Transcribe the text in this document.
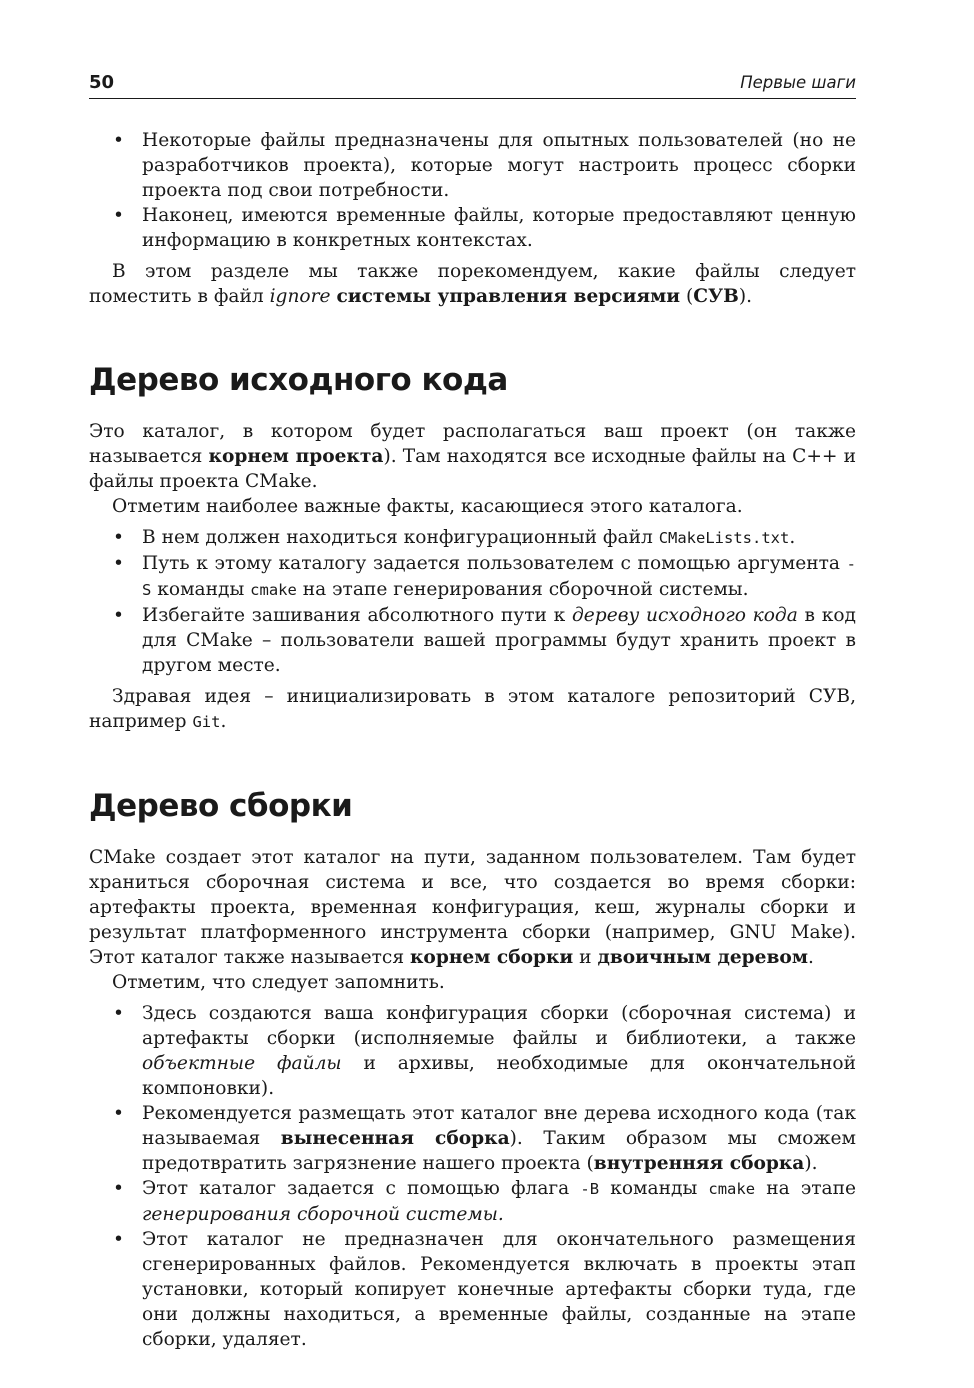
50	Первые шаги
• Некоторые файлы предназначены для опытных пользователей (но не разработчиков проекта), которые могут настроить процесс сборки проекта под свои потребности.
• Наконец, имеются временные файлы, которые предоставляют ценную информацию в конкретных контекстах.

В этом разделе мы также порекомендуем, какие файлы следует поместить в файл ignore системы управления версиями (СУВ).

Дерево исходного кода

Это каталог, в котором будет располагаться ваш проект (он также называется корнем проекта). Там находятся все исходные файлы на C++ и файлы проекта CMake.

Отметим наиболее важные факты, касающиеся этого каталога.

• В нем должен находиться конфигурационный файл CMakeLists.txt.
• Путь к этому каталогу задается пользователем с помощью аргумента -S команды cmake на этапе генерирования сборочной системы.
• Избегайте зашивания абсолютного пути к дереву исходного кода в код для CMake – пользователи вашей программы будут хранить проект в другом месте.

Здравая идея – инициализировать в этом каталоге репозиторий СУВ, например Git.

Дерево сборки

CMake создает этот каталог на пути, заданном пользователем. Там будет храниться сборочная система и все, что создается во время сборки: артефакты проекта, временная конфигурация, кеш, журналы сборки и результат платформенного инструмента сборки (например, GNU Make). Этот каталог также называется корнем сборки и двоичным деревом.

Отметим, что следует запомнить.

• Здесь создаются ваша конфигурация сборки (сборочная система) и артефакты сборки (исполняемые файлы и библиотеки, а также объектные файлы и архивы, необходимые для окончательной компоновки).
• Рекомендуется размещать этот каталог вне дерева исходного кода (так называемая вынесенная сборка). Таким образом мы сможем предотвратить загрязнение нашего проекта (внутренняя сборка).
• Этот каталог задается с помощью флага -B команды cmake на этапе генерирования сборочной системы.
• Этот каталог не предназначен для окончательного размещения сгенерированных файлов. Рекомендуется включать в проекты этап установки, который копирует конечные артефакты сборки туда, где они должны находиться, а временные файлы, созданные на этапе сборки, удаляет.
